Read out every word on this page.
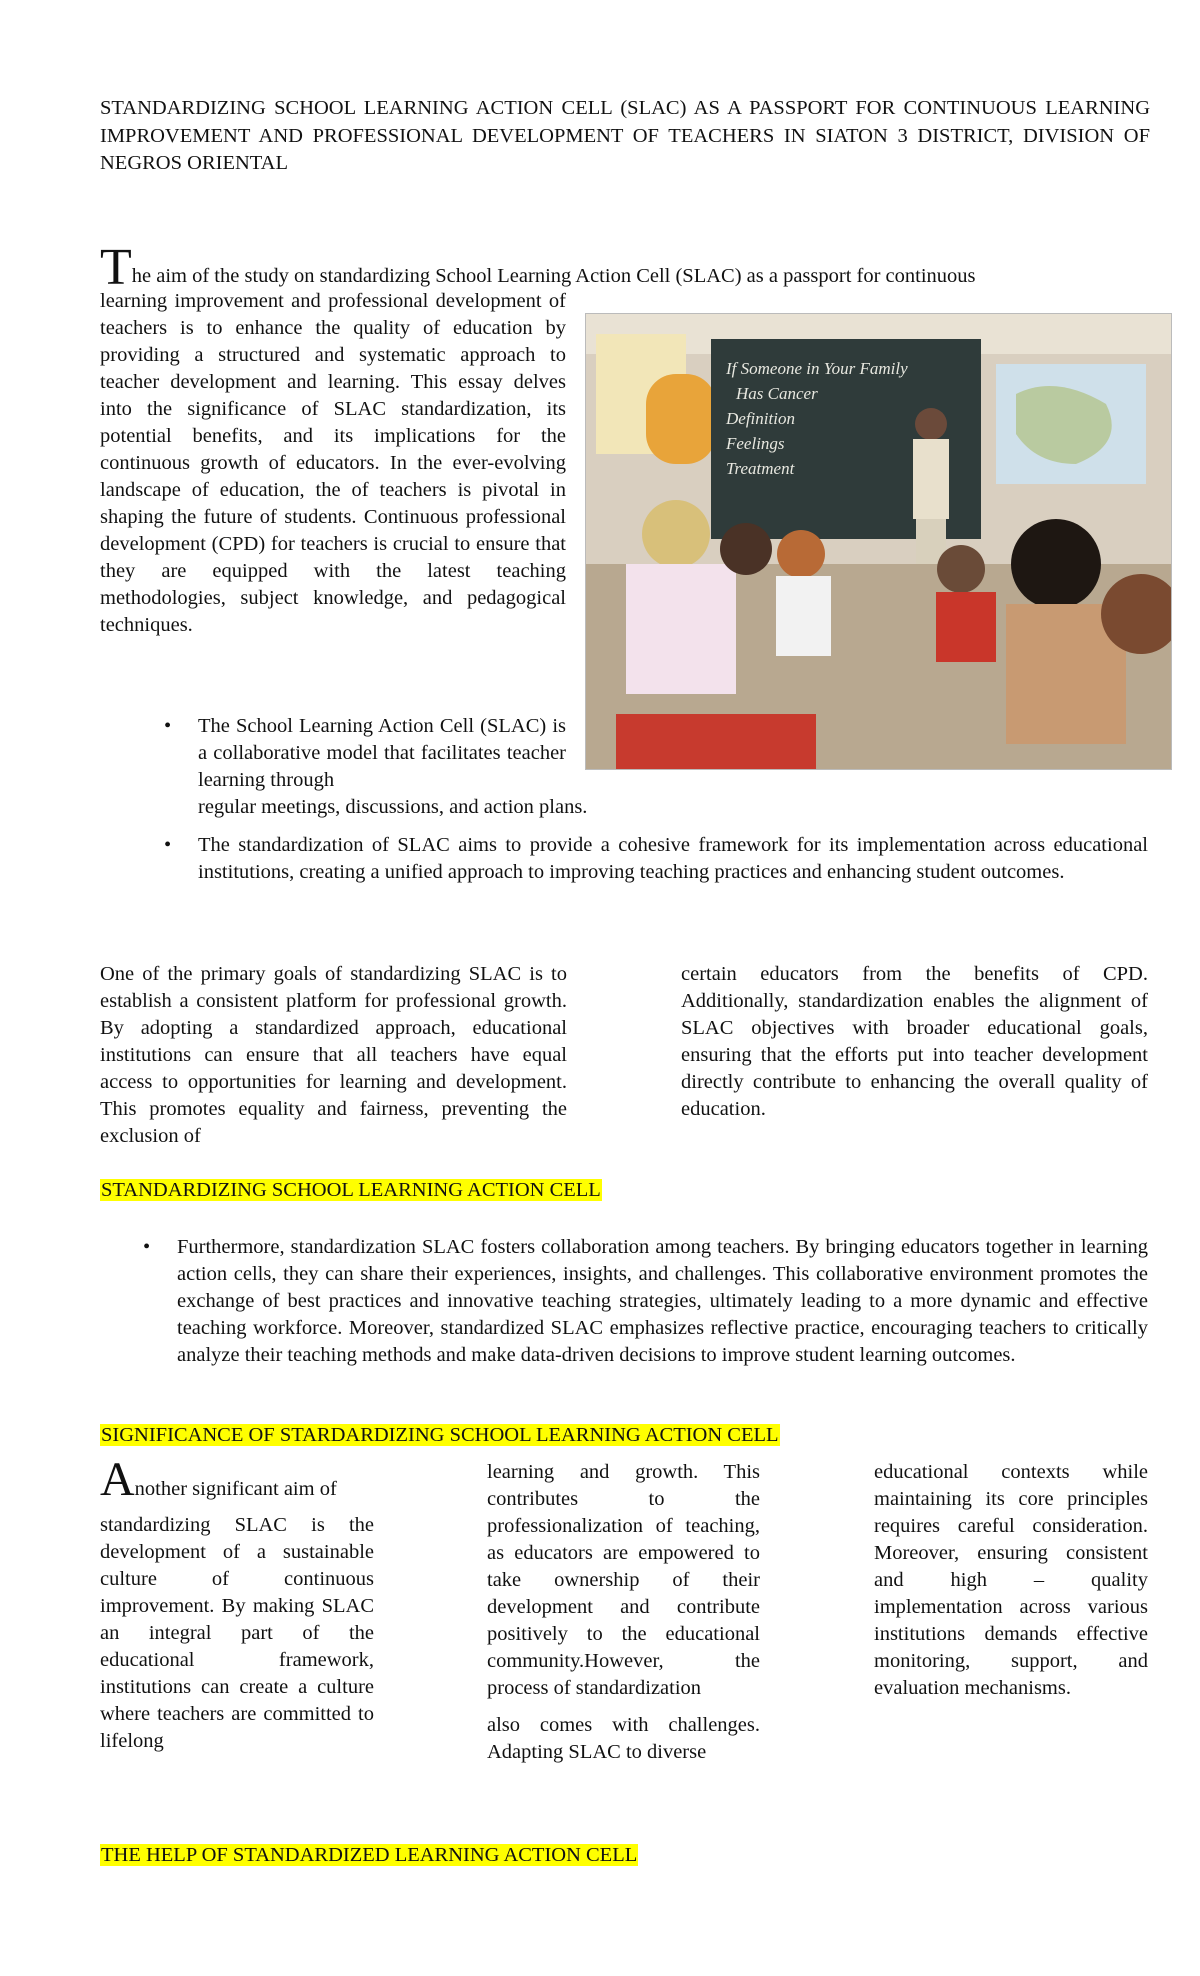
STANDARDIZING SCHOOL LEARNING ACTION CELL (SLAC) AS A PASSPORT FOR CONTINUOUS LEARNING IMPROVEMENT AND PROFESSIONAL DEVELOPMENT OF TEACHERS IN SIATON 3 DISTRICT, DIVISION OF NEGROS ORIENTAL
The aim of the study on standardizing School Learning Action Cell (SLAC) as a passport for continuous
learning improvement and professional development of teachers is to enhance the quality of education by providing a structured and systematic approach to teacher development and learning. This essay delves into the significance of SLAC standardization, its potential benefits, and its implications for the continuous growth of educators. In the ever-evolving landscape of education, the of teachers is pivotal in shaping the future of students. Continuous professional development (CPD) for teachers is crucial to ensure that they are equipped with the latest teaching methodologies, subject knowledge, and pedagogical techniques.
If Someone in Your Family
Has Cancer
Definition
Feelings
Treatment
• The School Learning Action Cell (SLAC) is a collaborative model that facilitates teacher learning through
regular meetings, discussions, and action plans.
• The standardization of SLAC aims to provide a cohesive framework for its implementation across educational institutions, creating a unified approach to improving teaching practices and enhancing student outcomes.
One of the primary goals of standardizing SLAC is to establish a consistent platform for professional growth. By adopting a standardized approach, educational institutions can ensure that all teachers have equal access to opportunities for learning and development. This promotes equality and fairness, preventing the exclusion of
certain educators from the benefits of CPD. Additionally, standardization enables the alignment of SLAC objectives with broader educational goals, ensuring that the efforts put into teacher development directly contribute to enhancing the overall quality of education.
STANDARDIZING SCHOOL LEARNING ACTION CELL
• Furthermore, standardization SLAC fosters collaboration among teachers. By bringing educators together in learning action cells, they can share their experiences, insights, and challenges. This collaborative environment promotes the exchange of best practices and innovative teaching strategies, ultimately leading to a more dynamic and effective teaching workforce. Moreover, standardized SLAC emphasizes reflective practice, encouraging teachers to critically analyze their teaching methods and make data-driven decisions to improve student learning outcomes.
SIGNIFICANCE OF STARDARDIZING SCHOOL LEARNING ACTION CELL
Another significant aim of
standardizing SLAC is the development of a sustainable culture of continuous improvement. By making SLAC an integral part of the educational framework, institutions can create a culture where teachers are committed to lifelong
learning and growth. This contributes to the professionalization of teaching, as educators are empowered to take ownership of their development and contribute positively to the educational community.However, the process of standardization
also comes with challenges. Adapting SLAC to diverse
educational contexts while maintaining its core principles requires careful consideration. Moreover, ensuring consistent and high – quality implementation across various institutions demands effective monitoring, support, and evaluation mechanisms.
THE HELP OF STANDARDIZED LEARNING ACTION CELL
